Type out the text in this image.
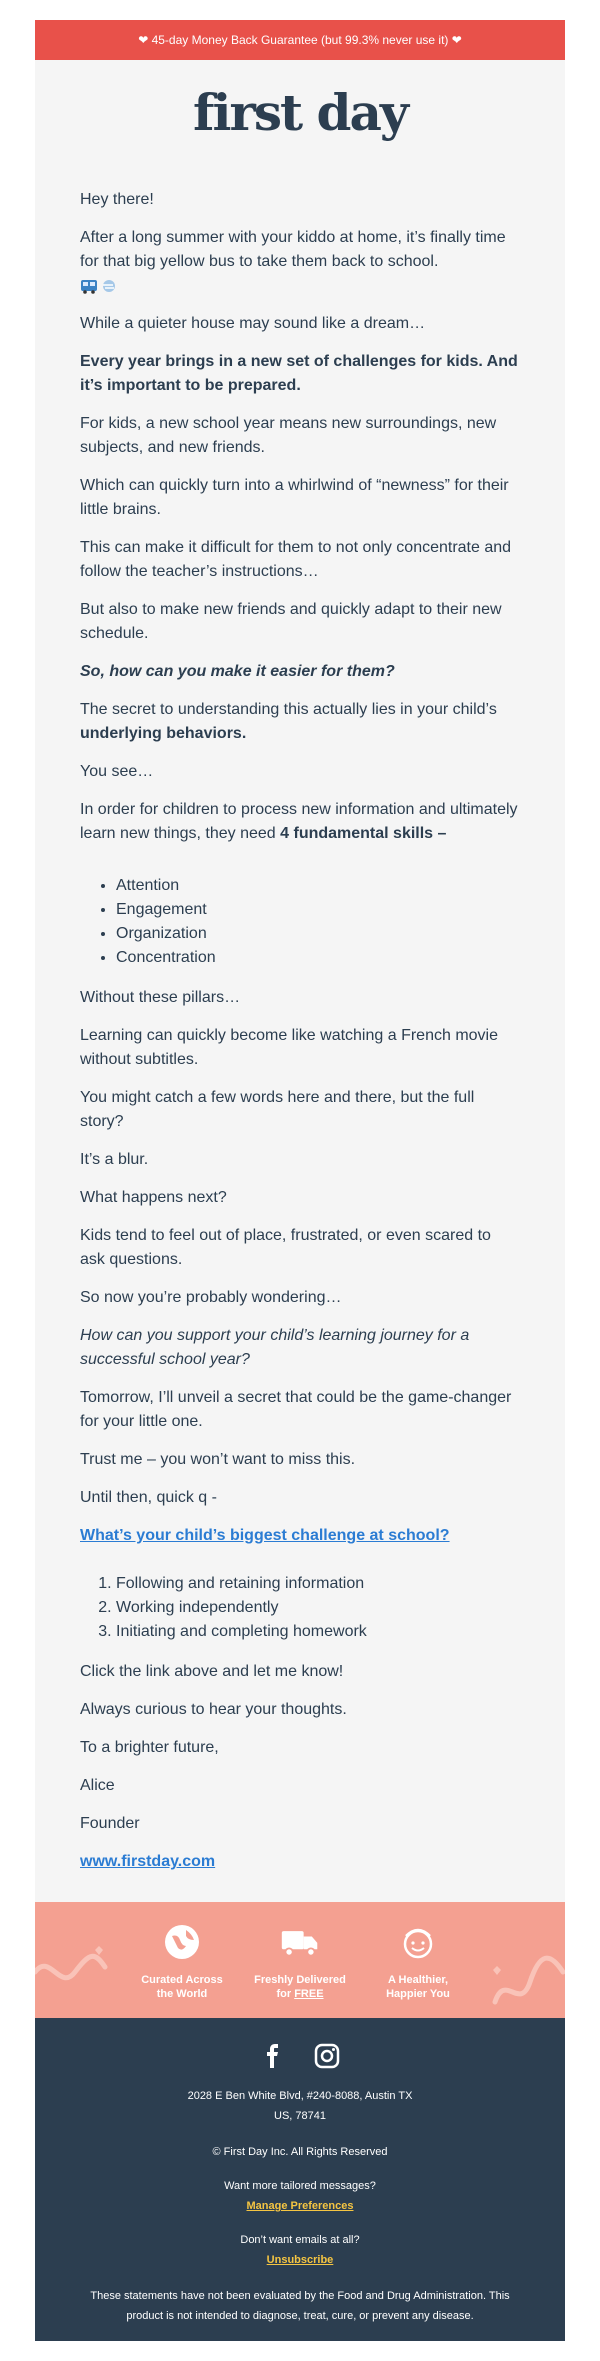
❤ 45-day Money Back Guarantee (but 99.3% never use it) ❤
first day

Hey there!

After a long summer with your kiddo at home, it’s finally time for that big yellow bus to take them back to school.

While a quieter house may sound like a dream…

Every year brings in a new set of challenges for kids. And it’s important to be prepared.

For kids, a new school year means new surroundings, new subjects, and new friends.

Which can quickly turn into a whirlwind of “newness” for their little brains.

This can make it difficult for them to not only concentrate and follow the teacher’s instructions…

But also to make new friends and quickly adapt to their new schedule.

So, how can you make it easier for them?

The secret to understanding this actually lies in your child’s underlying behaviors.

You see…

In order for children to process new information and ultimately learn new things, they need 4 fundamental skills –

• Attention
• Engagement
• Organization
• Concentration

Without these pillars…

Learning can quickly become like watching a French movie without subtitles.

You might catch a few words here and there, but the full story?

It’s a blur.

What happens next?

Kids tend to feel out of place, frustrated, or even scared to ask questions.

So now you’re probably wondering…

How can you support your child’s learning journey for a successful school year?

Tomorrow, I’ll unveil a secret that could be the game-changer for your little one.

Trust me – you won’t want to miss this.

Until then, quick q -

What’s your child’s biggest challenge at school?

1. Following and retaining information
2. Working independently
3. Initiating and completing homework

Click the link above and let me know!

Always curious to hear your thoughts.

To a brighter future,

Alice

Founder

www.firstday.com

Curated Across
the World
Freshly Delivered
for FREE
A Healthier,
Happier You
2028 E Ben White Blvd, #240-8088, Austin TX
US, 78741
© First Day Inc. All Rights Reserved
Want more tailored messages?
Manage Preferences
Don’t want emails at all?
Unsubscribe
These statements have not been evaluated by the Food and Drug Administration. This product is not intended to diagnose, treat, cure, or prevent any disease.
